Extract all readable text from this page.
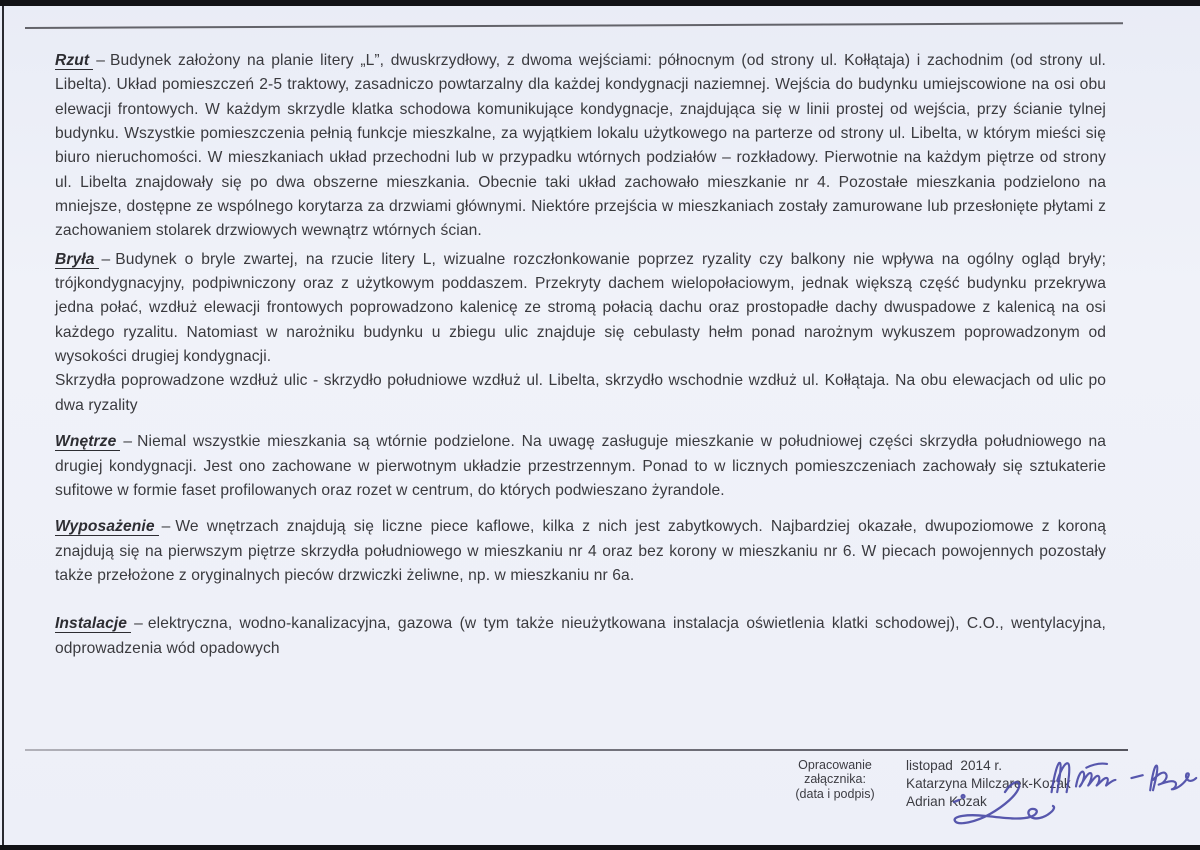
Rzut – Budynek założony na planie litery „L”, dwuskrzydłowy, z dwoma wejściami: północnym (od strony ul. Kołłątaja) i zachodnim (od strony ul. Libelta). Układ pomieszczeń 2-5 traktowy, zasadniczo powtarzalny dla każdej kondygnacji naziemnej. Wejścia do budynku umiejscowione na osi obu elewacji frontowych. W każdym skrzydle klatka schodowa komunikujące kondygnacje, znajdująca się w linii prostej od wejścia, przy ścianie tylnej budynku. Wszystkie pomieszczenia pełnią funkcje mieszkalne, za wyjątkiem lokalu użytkowego na parterze od strony ul. Libelta, w którym mieści się biuro nieruchomości. W mieszkaniach układ przechodni lub w przypadku wtórnych podziałów – rozkładowy. Pierwotnie na każdym piętrze od strony ul. Libelta znajdowały się po dwa obszerne mieszkania. Obecnie taki układ zachowało mieszkanie nr 4. Pozostałe mieszkania podzielono na mniejsze, dostępne ze wspólnego korytarza za drzwiami głównymi. Niektóre przejścia w mieszkaniach zostały zamurowane lub przesłonięte płytami z zachowaniem stolarek drzwiowych wewnątrz wtórnych ścian.

Bryła – Budynek o bryle zwartej, na rzucie litery L, wizualne rozczłonkowanie poprzez ryzality czy balkony nie wpływa na ogólny ogląd bryły; trójkondygnacyjny, podpiwniczony oraz z użytkowym poddaszem. Przekryty dachem wielopołaciowym, jednak większą część budynku przekrywa jedna połać, wzdłuż elewacji frontowych poprowadzono kalenicę ze stromą połacią dachu oraz prostopadłe dachy dwuspadowe z kalenicą na osi każdego ryzalitu. Natomiast w narożniku budynku u zbiegu ulic znajduje się cebulasty hełm ponad narożnym wykuszem poprowadzonym od wysokości drugiej kondygnacji.

Skrzydła poprowadzone wzdłuż ulic - skrzydło południowe wzdłuż ul. Libelta, skrzydło wschodnie wzdłuż ul. Kołłątaja. Na obu elewacjach od ulic po dwa ryzality

Wnętrze – Niemal wszystkie mieszkania są wtórnie podzielone. Na uwagę zasługuje mieszkanie w południowej części skrzydła południowego na drugiej kondygnacji. Jest ono zachowane w pierwotnym układzie przestrzennym. Ponad to w licznych pomieszczeniach zachowały się sztukaterie sufitowe w formie faset profilowanych oraz rozet w centrum, do których podwieszano żyrandole.

Wyposażenie – We wnętrzach znajdują się liczne piece kaflowe, kilka z nich jest zabytkowych. Najbardziej okazałe, dwupoziomowe z koroną znajdują się na pierwszym piętrze skrzydła południowego w mieszkaniu nr 4 oraz bez korony w mieszkaniu nr 6. W piecach powojennych pozostały także przełożone z oryginalnych pieców drzwiczki żeliwne, np. w mieszkaniu nr 6a.

Instalacje – elektryczna, wodno-kanalizacyjna, gazowa (w tym także nieużytkowana instalacja oświetlenia klatki schodowej), C.O., wentylacyjna, odprowadzenia wód opadowych

Opracowanie
załącznika:
(data i podpis)
listopad  2014 r.
Katarzyna Milczarek-Kozak
Adrian Kozak
